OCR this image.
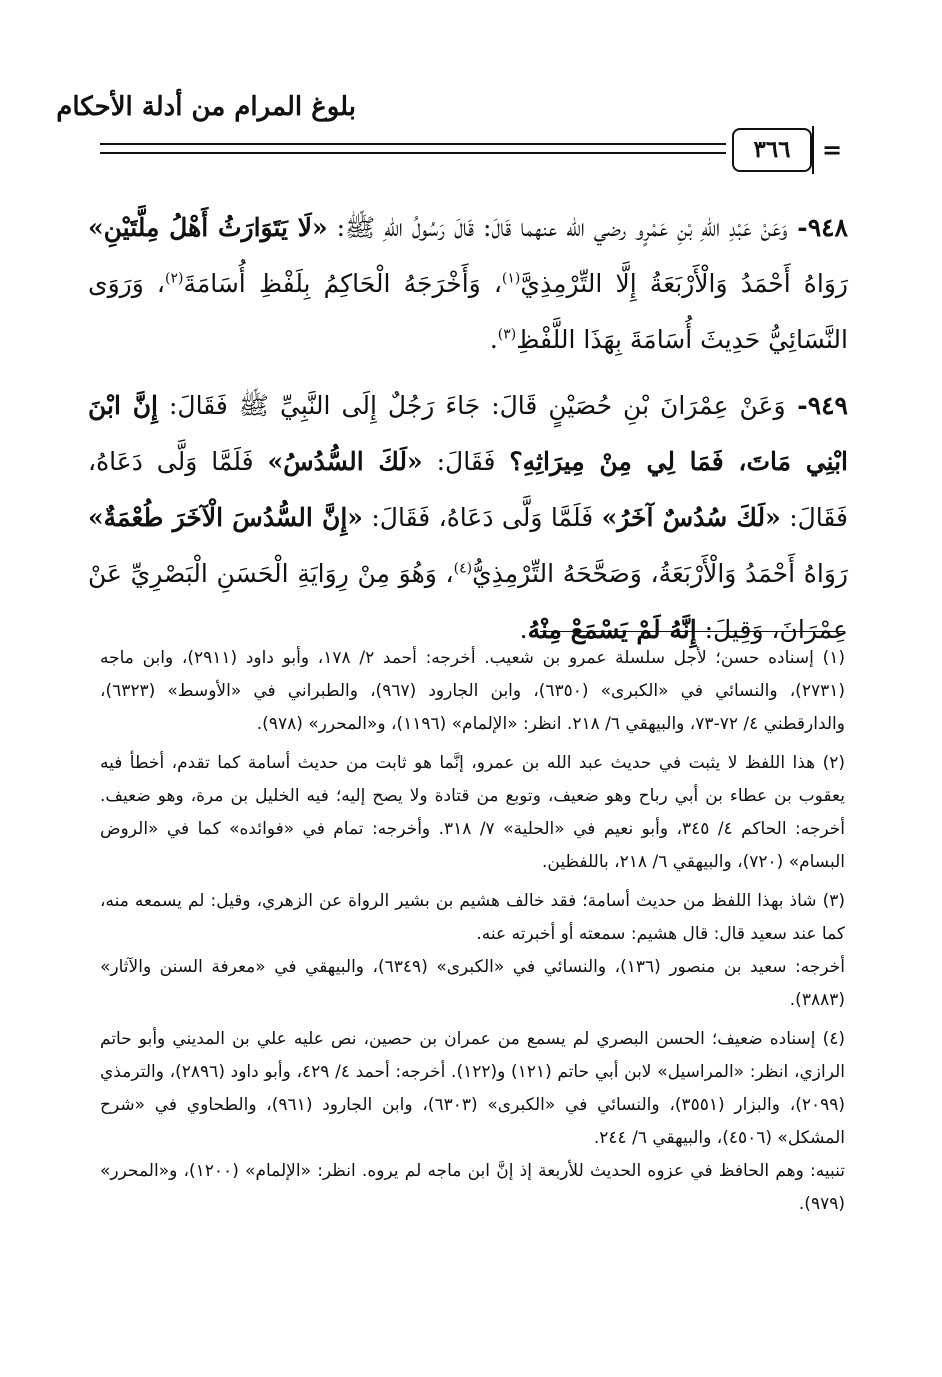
بلوغ المرام من أدلة الأحكام
٣٦٦	=

٩٤٨- وَعَنْ عَبْدِ اللهِ بْنِ عَمْرٍو رضي الله عنهما قَالَ: قَالَ رَسُولُ اللهِ ﷺ: «لَا يَتَوَارَثُ أَهْلُ مِلَّتَيْنِ» رَوَاهُ أَحْمَدُ وَالْأَرْبَعَةُ إِلَّا التِّرْمِذِيَّ$^{(١)}$، وَأَخْرَجَهُ الْحَاكِمُ بِلَفْظِ أُسَامَةَ$^{(٢)}$، وَرَوَى النَّسَائِيُّ حَدِيثَ أُسَامَةَ بِهَذَا اللَّفْظِ$^{(٣)}$.

٩٤٩- وَعَنْ عِمْرَانَ بْنِ حُصَيْنٍ قَالَ: جَاءَ رَجُلٌ إِلَى النَّبِيِّ ﷺ فَقَالَ: إِنَّ ابْنَ ابْنِي مَاتَ، فَمَا لِي مِنْ مِيرَاثِهِ؟ فَقَالَ: «لَكَ السُّدُسُ» فَلَمَّا وَلَّى دَعَاهُ، فَقَالَ: «لَكَ سُدُسٌ آخَرُ» فَلَمَّا وَلَّى دَعَاهُ، فَقَالَ: «إِنَّ السُّدُسَ الْآخَرَ طُعْمَةٌ» رَوَاهُ أَحْمَدُ وَالْأَرْبَعَةُ، وَصَحَّحَهُ التِّرْمِذِيُّ$^{(٤)}$، وَهُوَ مِنْ رِوَايَةِ الْحَسَنِ الْبَصْرِيِّ عَنْ عِمْرَانَ، وَقِيلَ: إِنَّهُ لَمْ يَسْمَعْ مِنْهُ.

(١) إسناده حسن؛ لأجل سلسلة عمرو بن شعيب. أخرجه: أحمد ٢/ ١٧٨، وأبو داود (٢٩١١)، وابن ماجه (٢٧٣١)، والنسائي في «الكبرى» (٦٣٥٠)، وابن الجارود (٩٦٧)، والطبراني في «الأوسط» (٦٣٢٣)، والدارقطني ٤/ ٧٢-٧٣، والبيهقي ٦/ ٢١٨. انظر: «الإلمام» (١١٩٦)، و«المحرر» (٩٧٨).

(٢) هذا اللفظ لا يثبت في حديث عبد الله بن عمرو، إنَّما هو ثابت من حديث أسامة كما تقدم، أخطأ فيه يعقوب بن عطاء بن أبي رباح وهو ضعيف، وتوبع من قتادة ولا يصح إليه؛ فيه الخليل بن مرة، وهو ضعيف. أخرجه: الحاكم ٤/ ٣٤٥، وأبو نعيم في «الحلية» ٧/ ٣١٨. وأخرجه: تمام في «فوائده» كما في «الروض البسام» (٧٢٠)، والبيهقي ٦/ ٢١٨، باللفظين.

(٣) شاذ بهذا اللفظ من حديث أسامة؛ فقد خالف هشيم بن بشير الرواة عن الزهري، وقيل: لم يسمعه منه، كما عند سعيد قال: قال هشيم: سمعته أو أخبرته عنه.
أخرجه: سعيد بن منصور (١٣٦)، والنسائي في «الكبرى» (٦٣٤٩)، والبيهقي في «معرفة السنن والآثار» (٣٨٨٣).

(٤) إسناده ضعيف؛ الحسن البصري لم يسمع من عمران بن حصين، نص عليه علي بن المديني وأبو حاتم الرازي، انظر: «المراسيل» لابن أبي حاتم (١٢١) و(١٢٢). أخرجه: أحمد ٤/ ٤٢٩، وأبو داود (٢٨٩٦)، والترمذي (٢٠٩٩)، والبزار (٣٥٥١)، والنسائي في «الكبرى» (٦٣٠٣)، وابن الجارود (٩٦١)، والطحاوي في «شرح المشكل» (٤٥٠٦)، والبيهقي ٦/ ٢٤٤.
تنبيه: وهم الحافظ في عزوه الحديث للأربعة إذ إنَّ ابن ماجه لم يروه. انظر: «الإلمام» (١٢٠٠)، و«المحرر» (٩٧٩).
